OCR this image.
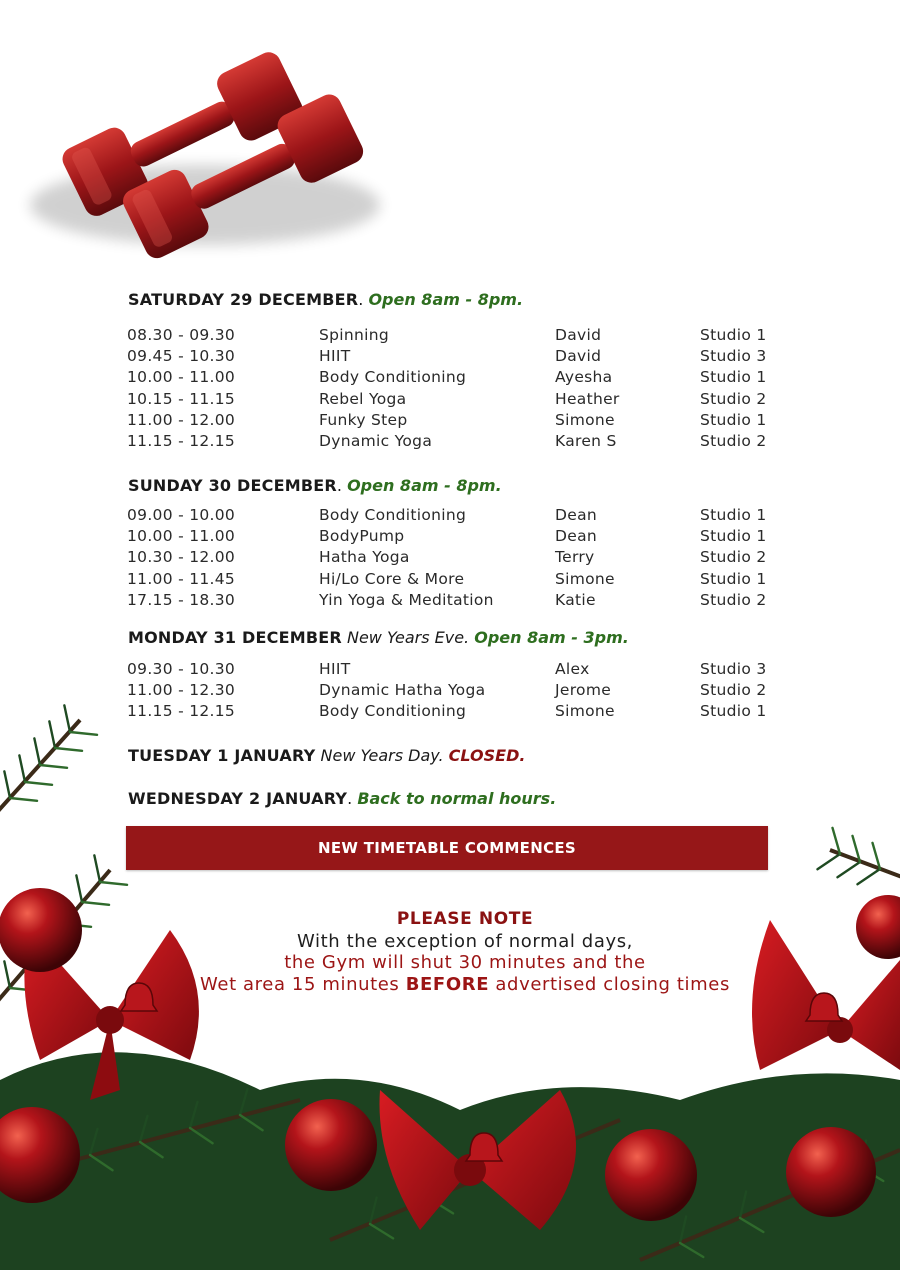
SATURDAY 29 DECEMBER. Open 8am - 8pm.
08.30 - 09.30	Spinning	David	Studio 1
09.45 - 10.30	HIIT	David	Studio 3
10.00 - 11.00	Body Conditioning	Ayesha	Studio 1
10.15 - 11.15	Rebel Yoga	Heather	Studio 2
11.00 - 12.00	Funky Step	Simone	Studio 1
11.15 - 12.15	Dynamic Yoga	Karen S	Studio 2
SUNDAY 30 DECEMBER. Open 8am - 8pm.
09.00 - 10.00	Body Conditioning	Dean	Studio 1
10.00 - 11.00	BodyPump	Dean	Studio 1
10.30 - 12.00	Hatha Yoga	Terry	Studio 2
11.00 - 11.45	Hi/Lo Core & More	Simone	Studio 1
17.15 - 18.30	Yin Yoga & Meditation	Katie	Studio 2
MONDAY 31 DECEMBER New Years Eve. Open 8am - 3pm.
09.30 - 10.30	HIIT	Alex	Studio 3
11.00 - 12.30	Dynamic Hatha Yoga	Jerome	Studio 2
11.15 - 12.15	Body Conditioning	Simone	Studio 1
TUESDAY 1 JANUARY New Years Day. CLOSED.
WEDNESDAY 2 JANUARY. Back to normal hours.
NEW TIMETABLE COMMENCES
PLEASE NOTE
With the exception of normal days,
the Gym will shut 30 minutes and the
Wet area 15 minutes BEFORE advertised closing times
